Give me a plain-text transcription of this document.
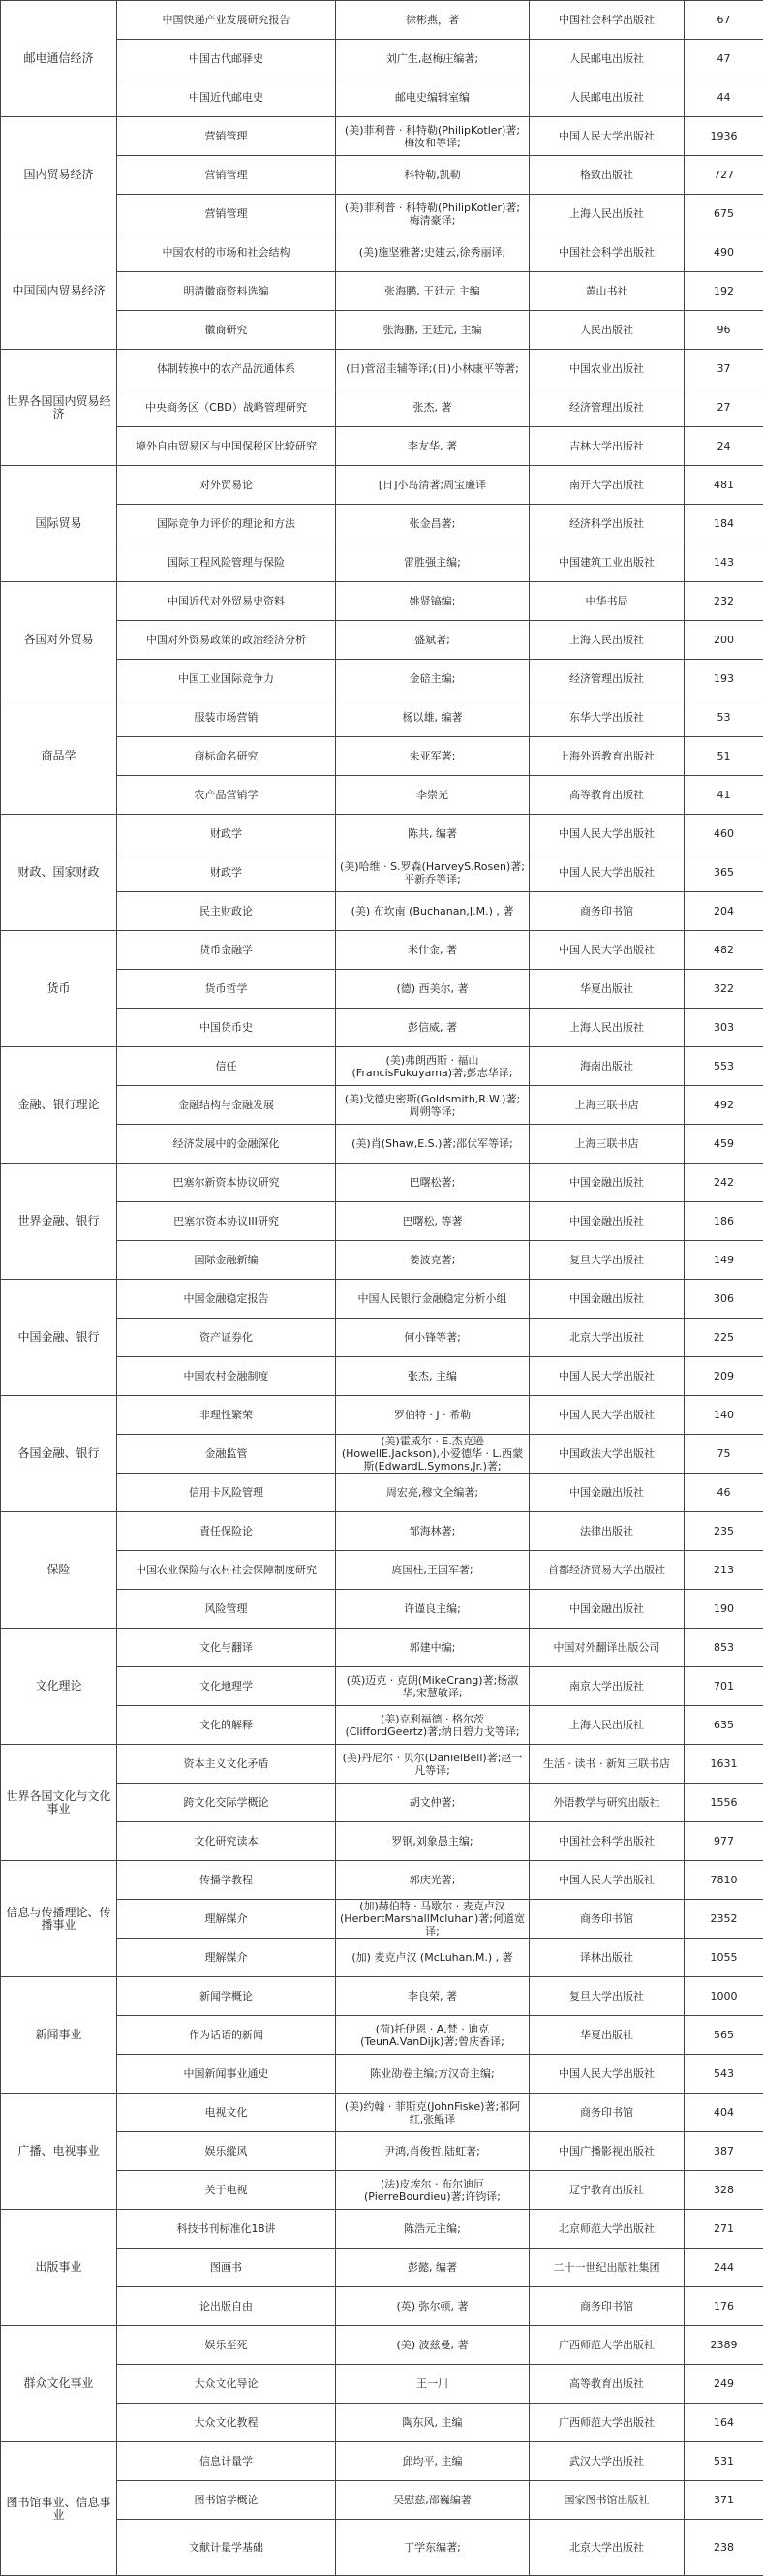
邮电通信经济	中国快递产业发展研究报告	徐彬燕，著	中国社会科学出版社	67
	中国古代邮驿史	刘广生,赵梅庄编著;	人民邮电出版社	47
	中国近代邮电史	邮电史编辑室编	人民邮电出版社	44
国内贸易经济	营销管理	(美)菲利普 · 科特勒(PhilipKotler)著;梅汝和等译;	中国人民大学出版社	1936
	营销管理	科特勒,凯勒	格致出版社	727
	营销管理	(美)菲利普 · 科特勒(PhilipKotler)著;梅清豪译;	上海人民出版社	675
中国国内贸易经济	中国农村的市场和社会结构	(美)施坚雅著;史建云,徐秀丽译;	中国社会科学出版社	490
	明清徽商资料选编	张海鹏, 王廷元 主编	黄山书社	192
	徽商研究	张海鹏, 王廷元, 主编	人民出版社	96
世界各国国内贸易经济	体制转换中的农产品流通体系	(日)菅沼圭辅等译;(日)小林康平等著;	中国农业出版社	37
	中央商务区（CBD）战略管理研究	张杰, 著	经济管理出版社	27
	境外自由贸易区与中国保税区比较研究	李友华, 著	吉林大学出版社	24
国际贸易	对外贸易论	[日]小岛清著;周宝廉译	南开大学出版社	481
	国际竞争力评价的理论和方法	张金昌著;	经济科学出版社	184
	国际工程风险管理与保险	雷胜强主编;	中国建筑工业出版社	143
各国对外贸易	中国近代对外贸易史资料	姚贤镐编;	中华书局	232
	中国对外贸易政策的政治经济分析	盛斌著;	上海人民出版社	200
	中国工业国际竞争力	金碚主编;	经济管理出版社	193
商品学	服装市场营销	杨以雄, 编著	东华大学出版社	53
	商标命名研究	朱亚军著;	上海外语教育出版社	51
	农产品营销学	李崇光	高等教育出版社	41
财政、国家财政	财政学	陈共, 编著	中国人民大学出版社	460
	财政学	(美)哈维 · S.罗森(HarveyS.Rosen)著;平新乔等译;	中国人民大学出版社	365
	民主财政论	(美) 布坎南 (Buchanan,J.M.) , 著	商务印书馆	204
货币	货币金融学	米什金, 著	中国人民大学出版社	482
	货币哲学	(德) 西美尔, 著	华夏出版社	322
	中国货币史	彭信威, 著	上海人民出版社	303
金融、银行理论	信任	(美)弗朗西斯 · 福山(FrancisFukuyama)著;彭志华译;	海南出版社	553
	金融结构与金融发展	(美)戈德史密斯(Goldsmith,R.W.)著;周朔等译;	上海三联书店	492
	经济发展中的金融深化	(美)肖(Shaw,E.S.)著;邵伏军等译;	上海三联书店	459
世界金融、银行	巴塞尔新资本协议研究	巴曙松著;	中国金融出版社	242
	巴塞尔资本协议III研究	巴曙松, 等著	中国金融出版社	186
	国际金融新编	姜波克著;	复旦大学出版社	149
中国金融、银行	中国金融稳定报告	中国人民银行金融稳定分析小组	中国金融出版社	306
	资产证券化	何小锋等著;	北京大学出版社	225
	中国农村金融制度	张杰, 主编	中国人民大学出版社	209
各国金融、银行	非理性繁荣	罗伯特 · J · 希勒	中国人民大学出版社	140
	金融监管	(美)霍威尔 · E.杰克逊(HowellE.Jackson),小爱德华 · L.西蒙斯(EdwardL.Symons,Jr.)著;	中国政法大学出版社	75
	信用卡风险管理	周宏亮,穆文全编著;	中国金融出版社	46
保险	責任保险论	邹海林著;	法律出版社	235
	中国农业保险与农村社会保障制度研究	庹国柱,王国军著;	首都经济贸易大学出版社	213
	风险管理	许谨良主编;	中国金融出版社	190
文化理论	文化与翻译	郭建中编;	中国对外翻译出版公司	853
	文化地理学	(英)迈克 · 克朗(MikeCrang)著;杨淑华,宋慧敏译;	南京大学出版社	701
	文化的解释	(美)克利福德 · 格尔茨(CliffordGeertz)著;纳日碧力戈等译;	上海人民出版社	635
世界各国文化与文化事业	资本主义文化矛盾	(美)丹尼尔 · 贝尔(DanielBell)著;赵一凡等译;	生活 · 读书 · 新知三联书店	1631
	跨文化交际学概论	胡文仲著;	外语教学与研究出版社	1556
	文化研究读本	罗钢,刘象愚主编;	中国社会科学出版社	977
信息与传播理论、传播事业	传播学教程	郭庆光著;	中国人民大学出版社	7810
	理解媒介	(加)赫伯特 · 马歇尔 · 麦克卢汉(HerbertMarshallMcluhan)著;何道宽译;	商务印书馆	2352
	理解媒介	(加) 麦克卢汉 (McLuhan,M.) , 著	译林出版社	1055
新闻事业	新闻学概论	李良荣, 著	复旦大学出版社	1000
	作为话语的新闻	(荷)托伊恩 · A.梵 · 迪克(TeunA.VanDijk)著;曾庆香译;	华夏出版社	565
	中国新闻事业通史	陈业劭卷主编;方汉奇主编;	中国人民大学出版社	543
广播、电视事业	电视文化	(美)约翰 · 菲斯克(JohnFiske)著;祁阿红,张鲲译	商务印书馆	404
	娱乐縱风	尹鸿,肖俊哲,陆虹著;	中国广播影视出版社	387
	关于电视	(法)皮埃尔 · 布尔迪厄(PierreBourdieu)著;许钧译;	辽宁教育出版社	328
出版事业	科技书刊标准化18讲	陈浩元主编;	北京师范大学出版社	271
	图画书	彭懿, 编著	二十一世纪出版社集团	244
	论出版自由	(英) 弥尔顿, 著	商务印书馆	176
群众文化事业	娱乐至死	(美) 波兹曼, 著	广西师范大学出版社	2389
	大众文化导论	王一川	高等教育出版社	249
	大众文化教程	陶东风, 主编	广西师范大学出版社	164
图书馆事业、信息事业	信息计量学	邱均平, 主编	武汉大学出版社	531
	图书馆学概论	吴慰慈,邵巍编著	国家图书馆出版社	371
	文献计量学基础	丁学东编著;	北京大学出版社	238
